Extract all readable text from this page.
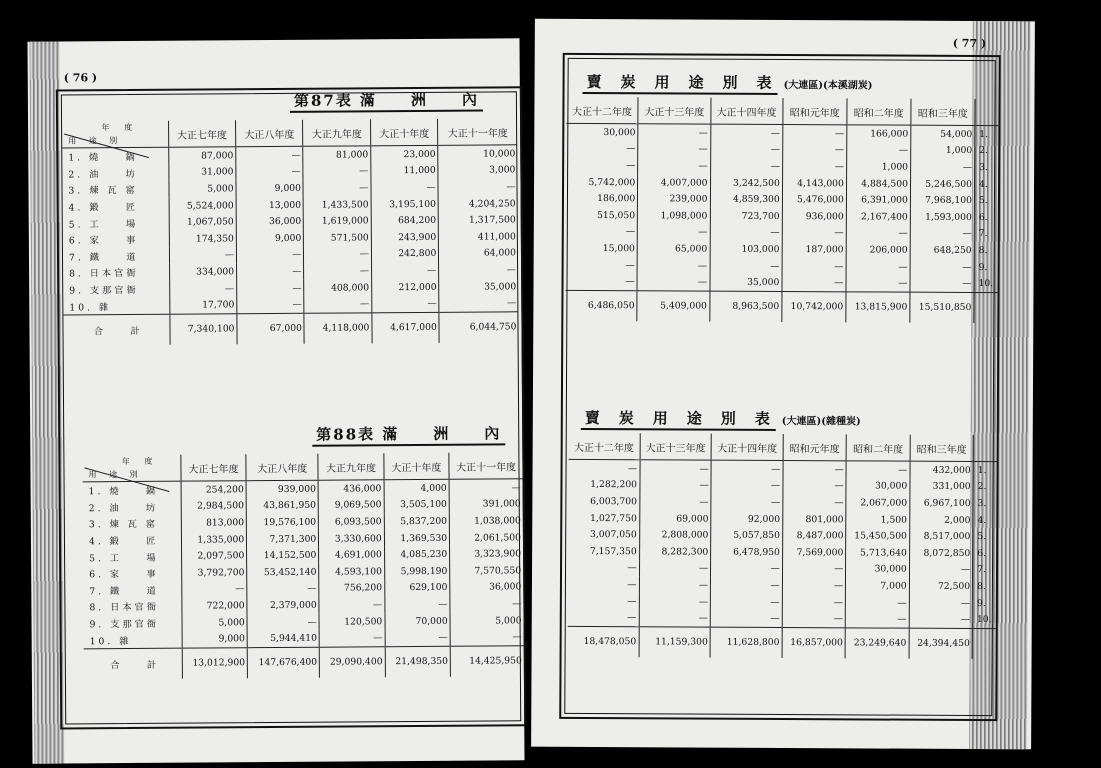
( 76 )
第87表 滿　　洲　　內
年 度
用 途 別	大正七年度	大正八年度	大正九年度	大正十年度	大正十一年度
1. 燒　　鍋	87,000	—	81,000	23,000	10,000
2. 油　　坊	31,000	—	—	11,000	3,000
3. 煉 瓦 窰	5,000	9,000	—	—	—
4. 鍛　　匠	5,524,000	13,000	1,433,500	3,195,100	4,204,250
5. 工　　場	1,067,050	36,000	1,619,000	684,200	1,317,500
6. 家　　事	174,350	9,000	571,500	243,900	411,000
7. 鐵　　道	—	—	—	242,800	64,000
8. 日本官衙	334,000	—	—	—	—
9. 支那官衙	—	—	408,000	212,000	35,000
10. 雜	17,700	—	—	—	—
合　　計	7,340,100	67,000	4,118,000	4,617,000	6,044,750
第88表 滿　　洲　　內
年 度
用 途 別	大正七年度	大正八年度	大正九年度	大正十年度	大正十一年度
1. 燒　　鍋	254,200	939,000	436,000	4,000	—
2. 油　　坊	2,984,500	43,861,950	9,069,500	3,505,100	391,000
3. 煉 瓦 窰	813,000	19,576,100	6,093,500	5,837,200	1,038,000
4. 鍛　　匠	1,335,000	7,371,300	3,330,600	1,369,530	2,061,500
5. 工　　場	2,097,500	14,152,500	4,691,000	4,085,230	3,323,900
6. 家　　事	3,792,700	53,452,140	4,593,100	5,998,190	7,570,550
7. 鐵　　道	—	—	756,200	629,100	36,000
8. 日本官衙	722,000	2,379,000	—	—	—
9. 支那官衙	5,000	—	120,500	70,000	5,000
10. 雜	9,000	5,944,410	—	—	—
合　　計	13,012,900	147,676,400	29,090,400	21,498,350	14,425,950
( 77 )
賣　炭　用　途　別　表 (大連區)(本溪湖炭)
大正十二年度	大正十三年度	大正十四年度	昭和元年度	昭和二年度	昭和三年度	
30,000	—	—	—	166,000	54,000	1.
—	—	—	—	—	1,000	2.
—	—	—	—	1,000	—	3.
5,742,000	4,007,000	3,242,500	4,143,000	4,884,500	5,246,500	4.
186,000	239,000	4,859,300	5,476,000	6,391,000	7,968,100	5.
515,050	1,098,000	723,700	936,000	2,167,400	1,593,000	6.
—	—	—	—	—	—	7.
15,000	65,000	103,000	187,000	206,000	648,250	8.
—	—	—	—	—	—	9.
—	—	35,000	—	—	—	10.
6,486,050	5,409,000	8,963,500	10,742,000	13,815,900	15,510,850	
賣　炭　用　途　別　表 (大連區)(雜種炭)
大正十二年度	大正十三年度	大正十四年度	昭和元年度	昭和二年度	昭和三年度	
—	—	—	—	—	432,000	1.
1,282,200	—	—	—	30,000	331,000	2.
6,003,700	—	—	—	2,067,000	6,967,100	3.
1,027,750	69,000	92,000	801,000	1,500	2,000	4.
3,007,050	2,808,000	5,057,850	8,487,000	15,450,500	8,517,000	5.
7,157,350	8,282,300	6,478,950	7,569,000	5,713,640	8,072,850	6.
—	—	—	—	30,000	—	7.
—	—	—	—	7,000	72,500	8.
—	—	—	—	—	—	9.
—	—	—	—	—	—	10.
18,478,050	11,159,300	11,628,800	16,857,000	23,249,640	24,394,450	
